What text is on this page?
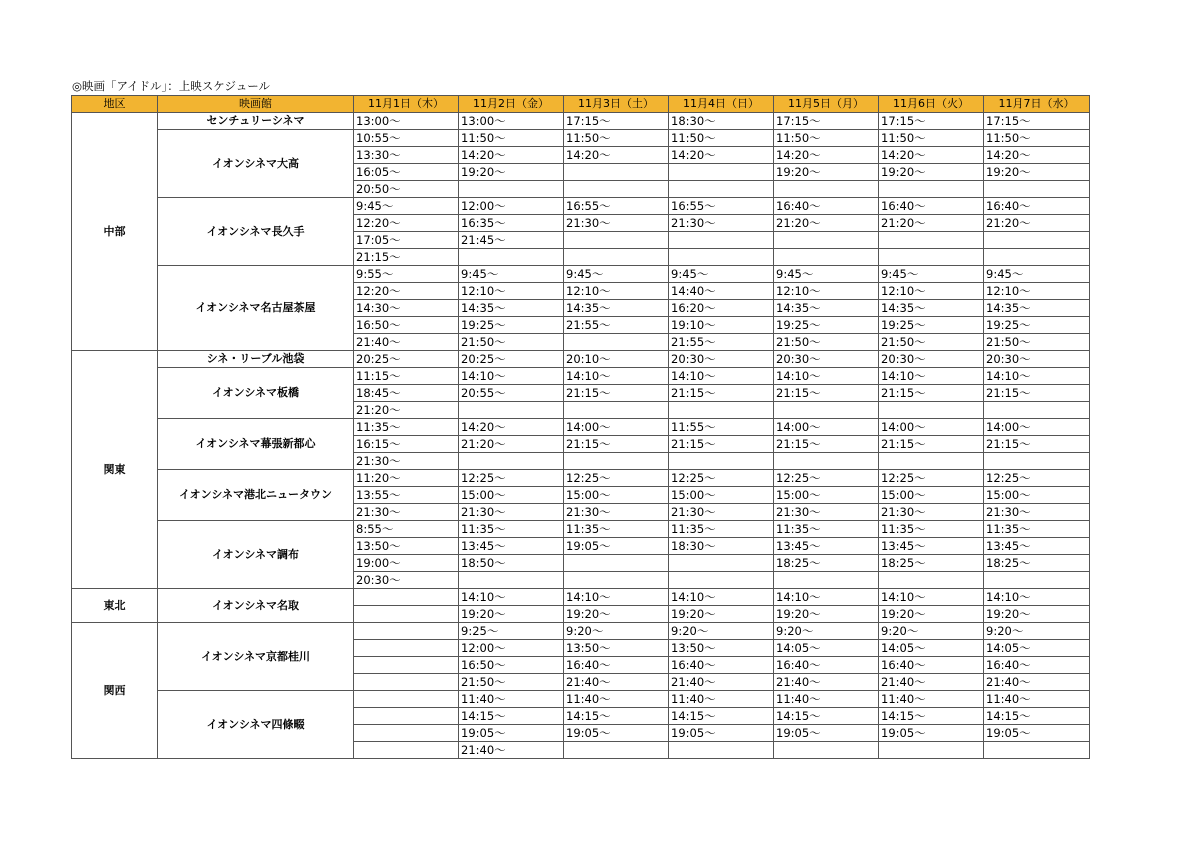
◎映画「アイドル」：上映スケジュール
地区	映画館	11月1日（木）	11月2日（金）	11月3日（土）	11月4日（日）	11月5日（月）	11月6日（火）	11月7日（水）
中部	センチュリーシネマ	13:00～	13:00～	17:15～	18:30～	17:15～	17:15～	17:15～
	イオンシネマ大高	10:55～	11:50～	11:50～	11:50～	11:50～	11:50～	11:50～
		13:30～	14:20～	14:20～	14:20～	14:20～	14:20～	14:20～
		16:05～	19:20～			19:20～	19:20～	19:20～
		20:50～						
	イオンシネマ長久手	9:45～	12:00～	16:55～	16:55～	16:40～	16:40～	16:40～
		12:20～	16:35～	21:30～	21:30～	21:20～	21:20～	21:20～
		17:05～	21:45～					
		21:15～						
	イオンシネマ名古屋茶屋	9:55～	9:45～	9:45～	9:45～	9:45～	9:45～	9:45～
		12:20～	12:10～	12:10～	14:40～	12:10～	12:10～	12:10～
		14:30～	14:35～	14:35～	16:20～	14:35～	14:35～	14:35～
		16:50～	19:25～	21:55～	19:10～	19:25～	19:25～	19:25～
		21:40～	21:50～		21:55～	21:50～	21:50～	21:50～
関東	シネ・リーブル池袋	20:25～	20:25～	20:10～	20:30～	20:30～	20:30～	20:30～
	イオンシネマ板橋	11:15～	14:10～	14:10～	14:10～	14:10～	14:10～	14:10～
		18:45～	20:55～	21:15～	21:15～	21:15～	21:15～	21:15～
		21:20～						
	イオンシネマ幕張新都心	11:35～	14:20～	14:00～	11:55～	14:00～	14:00～	14:00～
		16:15～	21:20～	21:15～	21:15～	21:15～	21:15～	21:15～
		21:30～						
	イオンシネマ港北ニュータウン	11:20～	12:25～	12:25～	12:25～	12:25～	12:25～	12:25～
		13:55～	15:00～	15:00～	15:00～	15:00～	15:00～	15:00～
		21:30～	21:30～	21:30～	21:30～	21:30～	21:30～	21:30～
	イオンシネマ調布	8:55～	11:35～	11:35～	11:35～	11:35～	11:35～	11:35～
		13:50～	13:45～	19:05～	18:30～	13:45～	13:45～	13:45～
		19:00～	18:50～			18:25～	18:25～	18:25～
		20:30～						
東北	イオンシネマ名取		14:10～	14:10～	14:10～	14:10～	14:10～	14:10～
			19:20～	19:20～	19:20～	19:20～	19:20～	19:20～
関西	イオンシネマ京都桂川		9:25～	9:20～	9:20～	9:20～	9:20～	9:20～
			12:00～	13:50～	13:50～	14:05～	14:05～	14:05～
			16:50～	16:40～	16:40～	16:40～	16:40～	16:40～
			21:50～	21:40～	21:40～	21:40～	21:40～	21:40～
	イオンシネマ四條畷		11:40～	11:40～	11:40～	11:40～	11:40～	11:40～
			14:15～	14:15～	14:15～	14:15～	14:15～	14:15～
			19:05～	19:05～	19:05～	19:05～	19:05～	19:05～
			21:40～					
